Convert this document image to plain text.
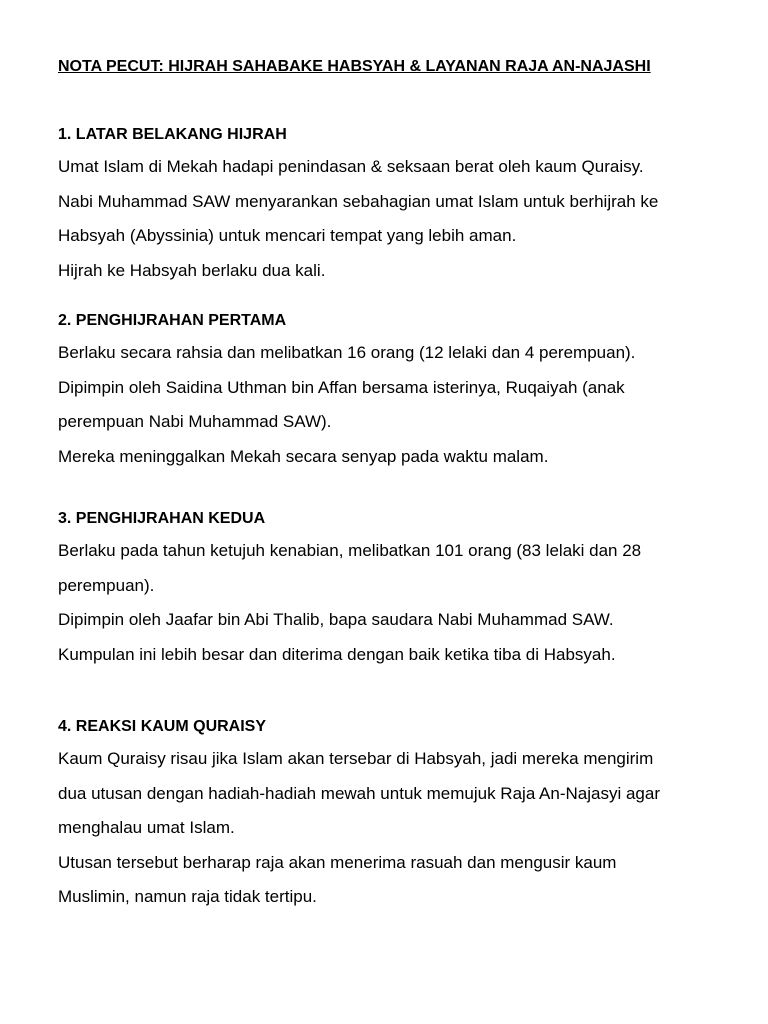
NOTA PECUT: HIJRAH SAHABAKE HABSYAH & LAYANAN RAJA AN-NAJASHI

1. LATAR BELAKANG HIJRAH

Umat Islam di Mekah hadapi penindasan & seksaan berat oleh kaum Quraisy.

Nabi Muhammad SAW menyarankan sebahagian umat Islam untuk berhijrah ke

Habsyah (Abyssinia) untuk mencari tempat yang lebih aman.

Hijrah ke Habsyah berlaku dua kali.

2. PENGHIJRAHAN PERTAMA

Berlaku secara rahsia dan melibatkan 16 orang (12 lelaki dan 4 perempuan).

Dipimpin oleh Saidina Uthman bin Affan bersama isterinya, Ruqaiyah (anak

perempuan Nabi Muhammad SAW).

Mereka meninggalkan Mekah secara senyap pada waktu malam.

3. PENGHIJRAHAN KEDUA

Berlaku pada tahun ketujuh kenabian, melibatkan 101 orang (83 lelaki dan 28

perempuan).

Dipimpin oleh Jaafar bin Abi Thalib, bapa saudara Nabi Muhammad SAW.

Kumpulan ini lebih besar dan diterima dengan baik ketika tiba di Habsyah.

4. REAKSI KAUM QURAISY

Kaum Quraisy risau jika Islam akan tersebar di Habsyah, jadi mereka mengirim

dua utusan dengan hadiah-hadiah mewah untuk memujuk Raja An-Najasyi agar

menghalau umat Islam.

Utusan tersebut berharap raja akan menerima rasuah dan mengusir kaum

Muslimin, namun raja tidak tertipu.
